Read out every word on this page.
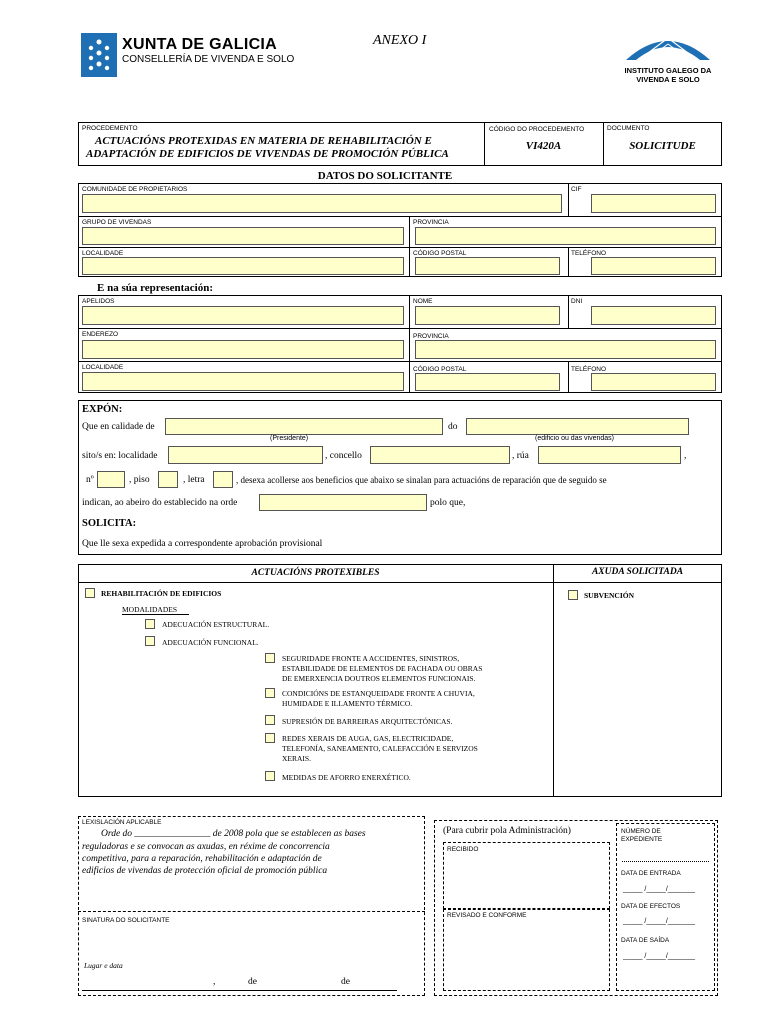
XUNTA DE GALICIA
CONSELLERÍA DE VIVENDA E SOLO
ANEXO I
INSTITUTO GALEGO DA
VIVENDA E SOLO
PROCEDEMENTO
ACTUACIÓNS PROTEXIDAS EN MATERIA DE REHABILITACIÓN E
ADAPTACIÓN DE EDIFICIOS DE VIVENDAS DE PROMOCIÓN PÚBLICA
CÓDIGO DO PROCEDEMENTO
VI420A
DOCUMENTO
SOLICITUDE
DATOS DO SOLICITANTE
COMUNIDADE DE PROPIETARIOS	CIF
GRUPO DE VIVENDAS	PROVINCIA
LOCALIDADE	CÓDIGO POSTAL	TELÉFONO
E na súa representación:
APELIDOS	NOME	DNI
ENDEREZO	PROVINCIA
LOCALIDADE	CÓDIGO POSTAL	TELÉFONO
EXPÓN:
Que en calidade de
(Presidente)
do
(edificio ou das vivendas)
sito/s en: localidade	, concello	, rúa	,
nº	, piso	, letra	, desexa acollerse aos beneficios que abaixo se sinalan para actuacións de reparación que de seguido se
indican, ao abeiro do establecido na orde	polo que,
SOLICITA:
Que lle sexa expedida a correspondente aprobación provisional
ACTUACIÓNS PROTEXIBLES	AXUDA SOLICITADA
REHABILITACIÓN DE EDIFICIOS	SUBVENCIÓN
MODALIDADES
ADECUACIÓN ESTRUCTURAL.
ADECUACIÓN FUNCIONAL.
SEGURIDADE FRONTE A ACCIDENTES, SINISTROS,
ESTABILIDADE DE ELEMENTOS DE FACHADA OU OBRAS
DE EMERXENCIA DOUTROS ELEMENTOS FUNCIONAIS.
CONDICIÓNS DE ESTANQUEIDADE FRONTE A CHUVIA,
HUMIDADE E ILLAMENTO TÉRMICO.
SUPRESIÓN DE BARREIRAS ARQUITECTÓNICAS.
REDES XERAIS DE AUGA, GAS, ELECTRICIDADE,
TELEFONÍA, SANEAMENTO, CALEFACCIÓN E SERVIZOS
XERAIS.
MEDIDAS DE AFORRO ENERXÉTICO.
LEXISLACIÓN APLICABLE
Orde do ________________ de 2008 pola que se establecen as bases
reguladoras e se convocan as axudas, en réxime de concorrencia
competitiva, para a reparación, rehabilitación e adaptación de
edificios de vivendas de protección oficial de promoción pública
SINATURA DO SOLICITANTE
Lugar e data
,	de	de
(Para cubrir pola Administración)
RECIBIDO
REVISADO E CONFORME
NÚMERO DE
EXPEDIENTE
DATA DE ENTRADA
_____ /_____/_______
DATA DE EFECTOS
_____ /_____/_______
DATA DE SAÍDA
_____ /_____/_______
